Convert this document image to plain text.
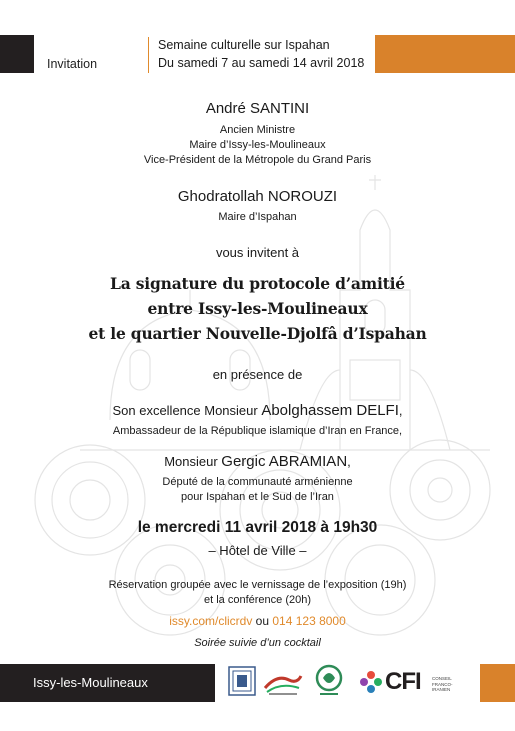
Invitation
Semaine culturelle sur Ispahan
Du samedi 7 au samedi 14 avril 2018
André SANTINI
Ancien Ministre
Maire d’Issy-les-Moulineaux
Vice-Président de la Métropole du Grand Paris
Ghodratollah NOROUZI
Maire d’Ispahan
vous invitent à
La signature du protocole d’amitié
entre Issy-les-Moulineaux
et le quartier Nouvelle-Djolfâ d’Ispahan
en présence de
Son excellence Monsieur Abolghassem DELFI,
Ambassadeur de la République islamique d’Iran en France,
Monsieur Gergic ABRAMIAN,
Député de la communauté arménienne
pour Ispahan et le Sud de l’Iran
le mercredi 11 avril 2018 à 19h30
– Hôtel de Ville –
Réservation groupée avec le vernissage de l’exposition (19h)
et la conférence (20h)
issy.com/clicrdv ou 014 123 8000
Soirée suivie d’un cocktail
Issy-les-Moulineaux	CFI	CONSEIL
FRANCO-IRANIEN
